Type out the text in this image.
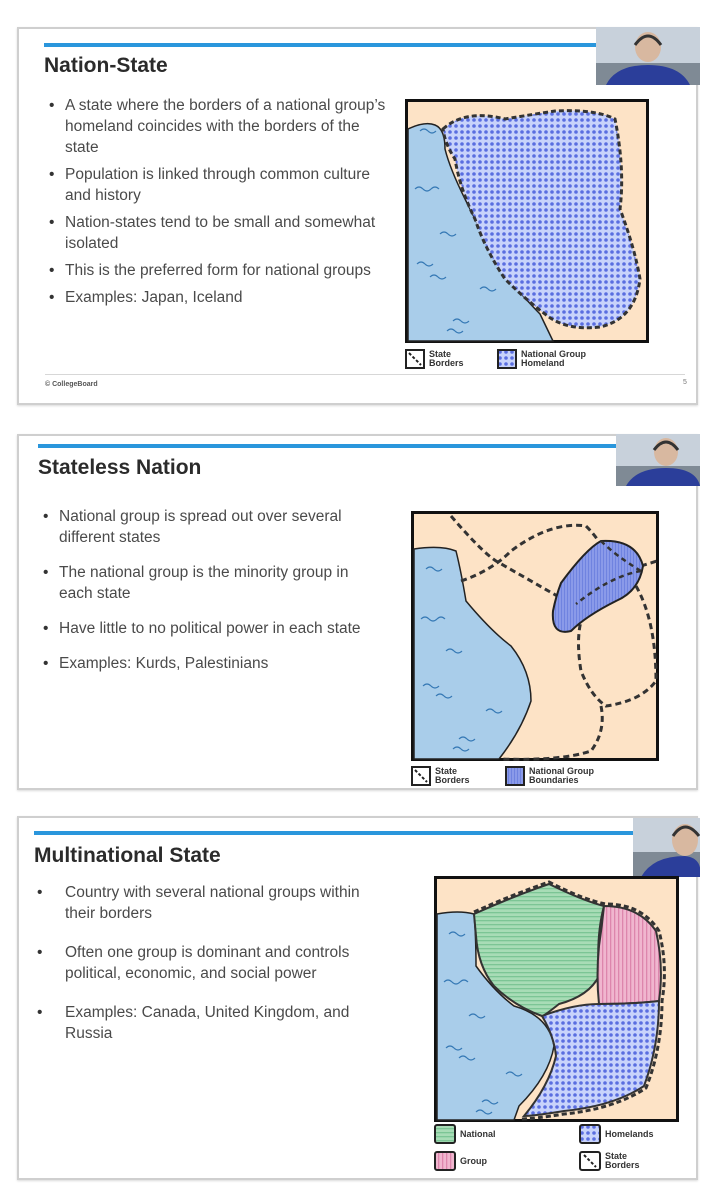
Nation-State
• A state where the borders of a national group’s homeland coincides with the borders of the state
• Population is linked through common culture and history
• Nation-states tend to be small and somewhat isolated
• This is the preferred form for national groups
• Examples: Japan, Iceland
State
Borders
National Group
Homeland
© CollegeBoard	5
Stateless Nation
• National group is spread out over several different states
• The national group is the minority group in each state
• Have little to no political power in each state
• Examples: Kurds, Palestinians
State
Borders
National Group
Boundaries
Multinational State
• Country with several national groups within their borders
• Often one group is dominant and controls political, economic, and social power
• Examples: Canada, United Kingdom, and Russia
National	Homelands
Group	State
Borders
